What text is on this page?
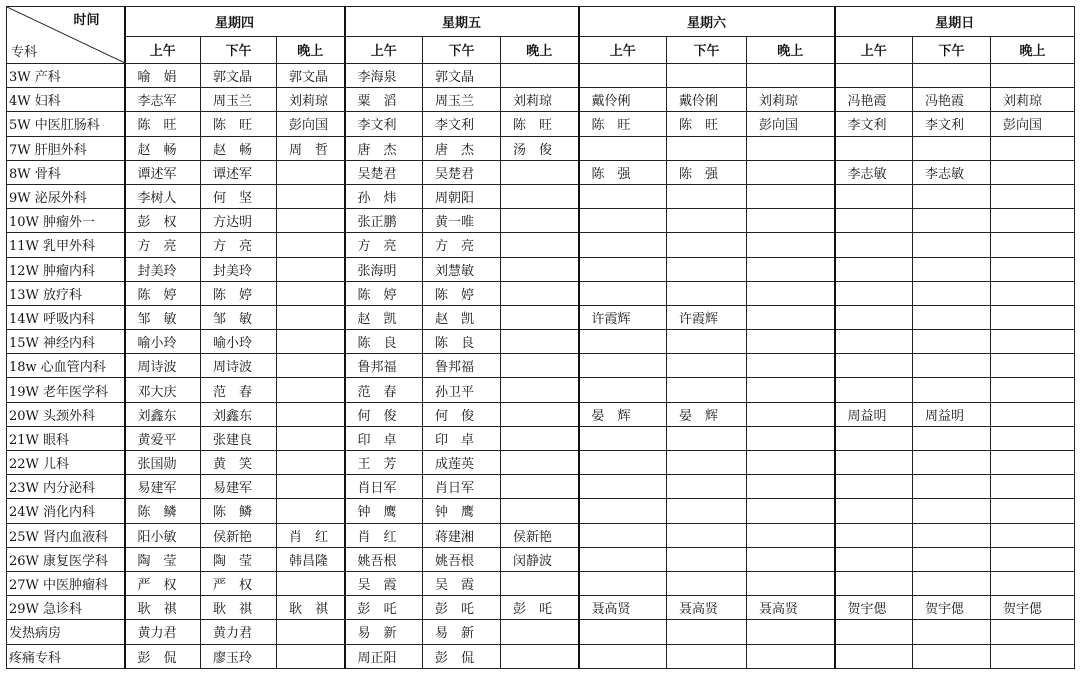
时间
专科	星期四			星期五			星期六			星期日		
	上午	下午	晚上	上午	下午	晚上	上午	下午	晚上	上午	下午	晚上
3W 产科	喻　娟	郭文晶	郭文晶	李海泉	郭文晶							
4W 妇科	李志军	周玉兰	刘莉琼	粟　滔	周玉兰	刘莉琼	戴伶俐	戴伶俐	刘莉琼	冯艳霞	冯艳霞	刘莉琼
5W 中医肛肠科	陈　旺	陈　旺	彭向国	李文利	李文利	陈　旺	陈　旺	陈　旺	彭向国	李文利	李文利	彭向国
7W 肝胆外科	赵　畅	赵　畅	周　哲	唐　杰	唐　杰	汤　俊						
8W 骨科	谭述军	谭述军		吴楚君	吴楚君		陈　强	陈　强		李志敏	李志敏	
9W 泌尿外科	李树人	何　坚		孙　炜	周朝阳							
10W 肿瘤外一	彭　权	方达明		张正鹏	黄一唯							
11W 乳甲外科	方　亮	方　亮		方　亮	方　亮							
12W 肿瘤内科	封美玲	封美玲		张海明	刘慧敏							
13W 放疗科	陈　婷	陈　婷		陈　婷	陈　婷							
14W 呼吸内科	邹　敏	邹　敏		赵　凯	赵　凯		许霞辉	许霞辉				
15W 神经内科	喻小玲	喻小玲		陈　良	陈　良							
18w 心血管内科	周诗波	周诗波		鲁邦福	鲁邦福							
19W 老年医学科	邓大庆	范　春		范　春	孙卫平							
20W 头颈外科	刘鑫东	刘鑫东		何　俊	何　俊		晏　辉	晏　辉		周益明	周益明	
21W 眼科	黄爱平	张建良		印　卓	印　卓							
22W 儿科	张国勋	黄　笑		王　芳	成莲英							
23W 内分泌科	易建军	易建军		肖日军	肖日军							
24W 消化内科	陈　鳞	陈　鳞		钟　鹰	钟　鹰							
25W 肾内血液科	阳小敏	侯新艳	肖　红	肖　红	蒋建湘	侯新艳						
26W 康复医学科	陶　莹	陶　莹	韩昌隆	姚吾根	姚吾根	闵静波						
27W 中医肿瘤科	严　权	严　权		吴　霞	吴　霞							
29W 急诊科	耿　祺	耿　祺	耿　祺	彭　吒	彭　吒	彭　吒	聂高贤	聂高贤	聂高贤	贺宇偲	贺宇偲	贺宇偲
发热病房	黄力君	黄力君		易　新	易　新							
疼痛专科	彭　侃	廖玉玲		周正阳	彭　侃							
